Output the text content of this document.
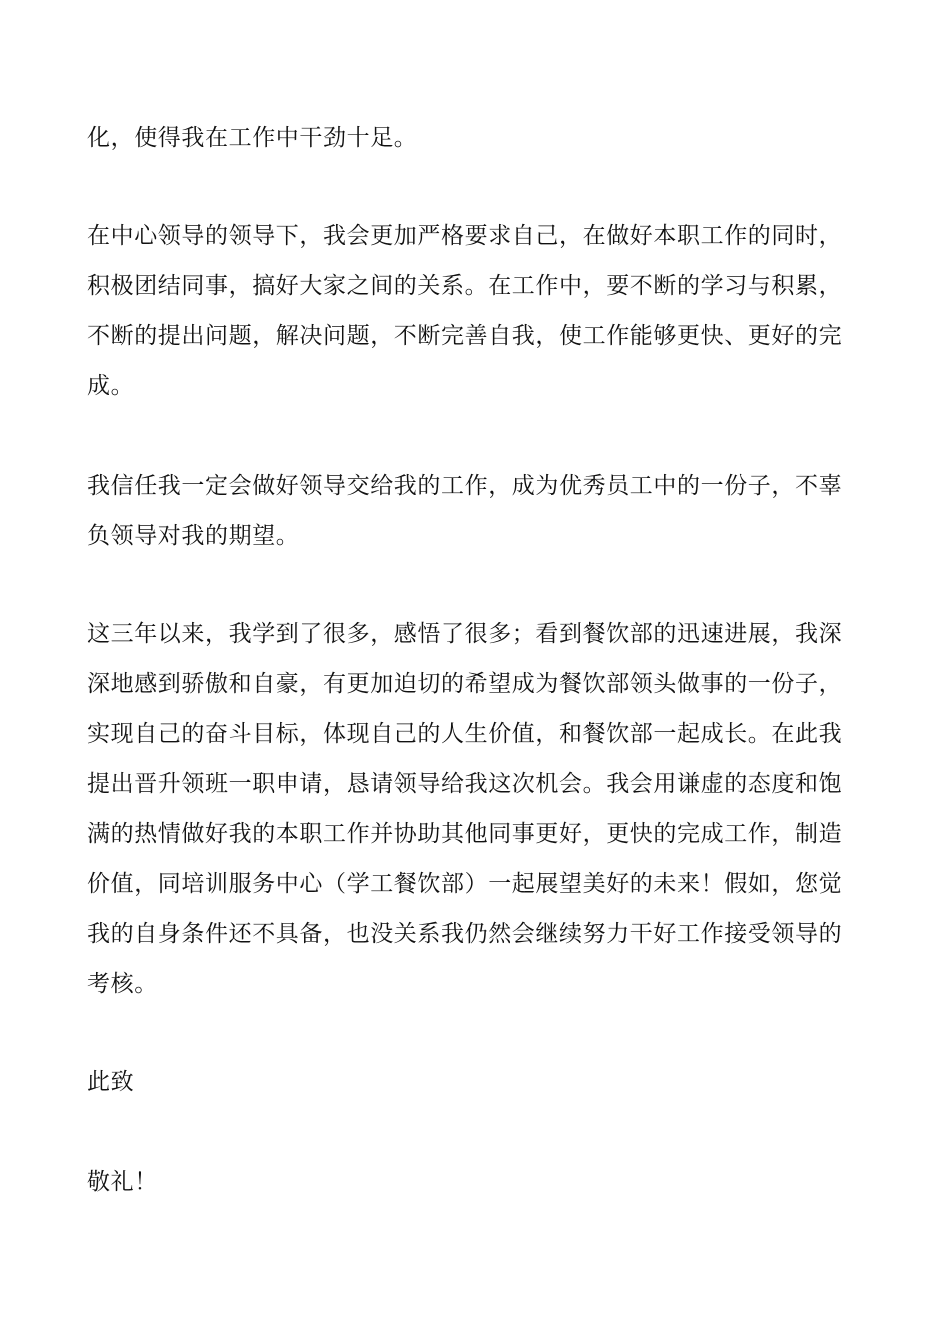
化，使得我在工作中干劲十足。

在中心领导的领导下，我会更加严格要求自己，在做好本职工作的同时，

积极团结同事，搞好大家之间的关系。在工作中，要不断的学习与积累，

不断的提出问题，解决问题，不断完善自我，使工作能够更快、更好的完

成。

我信任我一定会做好领导交给我的工作，成为优秀员工中的一份子，不辜

负领导对我的期望。

这三年以来，我学到了很多，感悟了很多；看到餐饮部的迅速进展，我深

深地感到骄傲和自豪，有更加迫切的希望成为餐饮部领头做事的一份子，

实现自己的奋斗目标，体现自己的人生价值，和餐饮部一起成长。在此我

提出晋升领班一职申请，恳请领导给我这次机会。我会用谦虚的态度和饱

满的热情做好我的本职工作并协助其他同事更好，更快的完成工作，制造

价值，同培训服务中心（学工餐饮部）一起展望美好的未来！假如，您觉

我的自身条件还不具备，也没关系我仍然会继续努力干好工作接受领导的

考核。

此致

敬礼！
